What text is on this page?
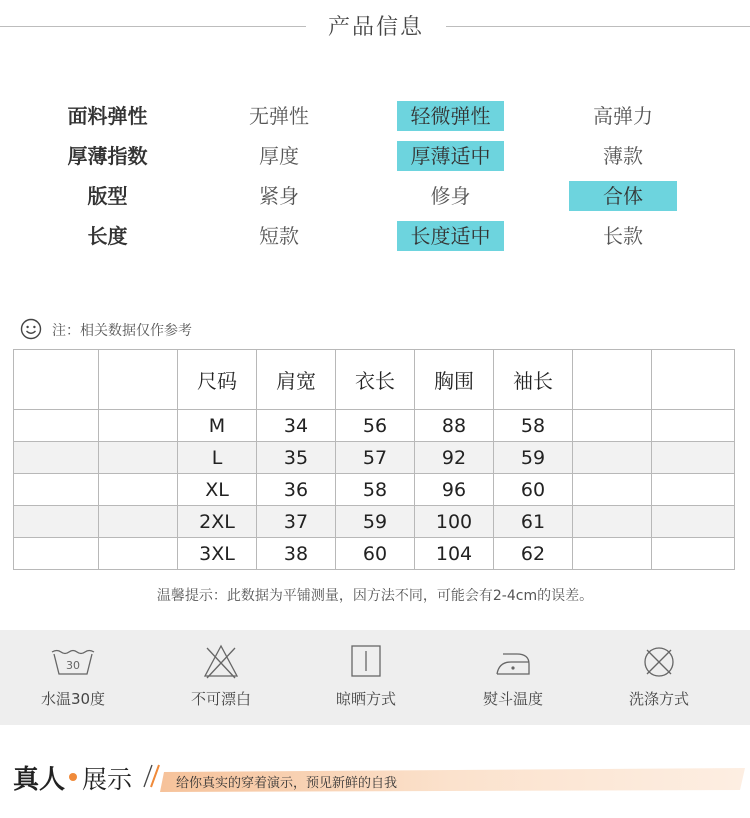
产品信息
面料弹性	无弹性	轻微弹性	高弹力
厚薄指数	厚度	厚薄适中	薄款
版型	紧身	修身	合体
长度	短款	长度适中	长款
注：相关数据仅作参考
		尺码	肩宽	衣长	胸围	袖长		
		M	34	56	88	58		
		L	35	57	92	59		
		XL	36	58	96	60		
		2XL	37	59	100	61		
		3XL	38	60	104	62		
温馨提示：此数据为平铺测量，因方法不同，可能会有2-4cm的误差。
30
水温30度	不可漂白	晾晒方式	熨斗温度	洗涤方式
真人 展示	给你真实的穿着演示，预见新鲜的自我
